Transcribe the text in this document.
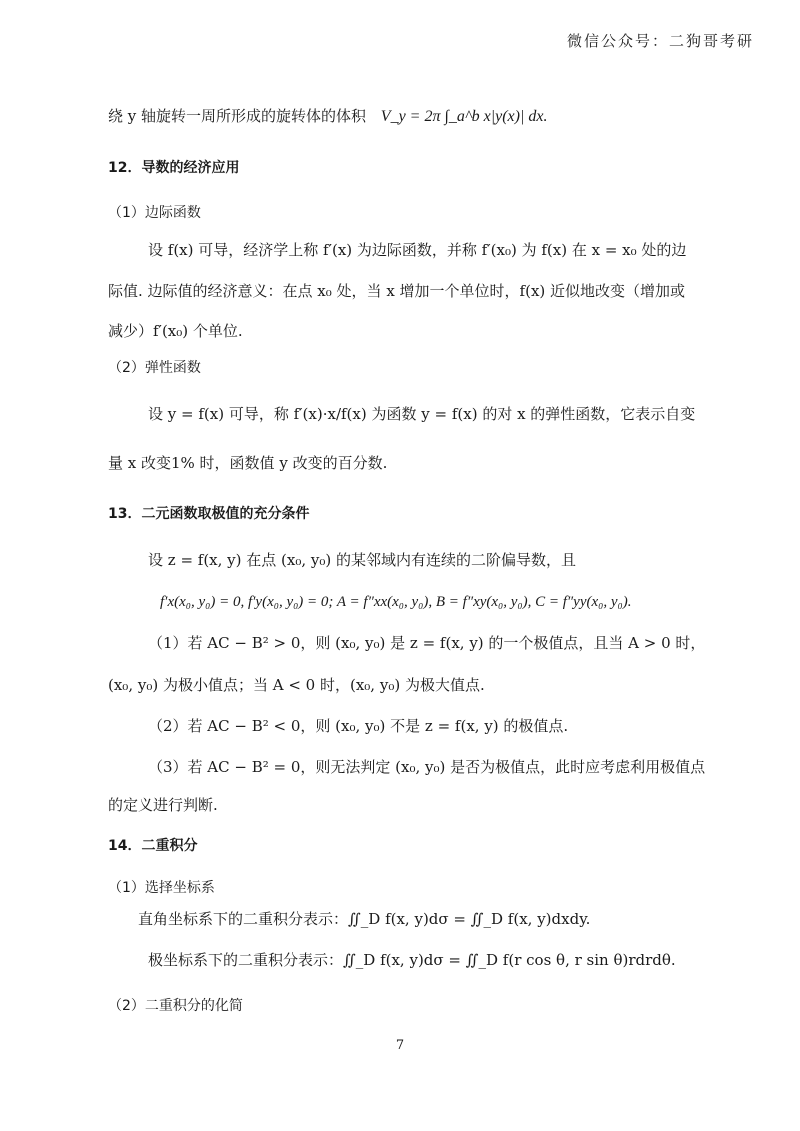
微信公众号：二狗哥考研
绕 y 轴旋转一周所形成的旋转体的体积 V_y = 2π ∫_a^b x|y(x)| dx.
12．导数的经济应用
（1）边际函数
设 f(x) 可导，经济学上称 f′(x) 为边际函数，并称 f′(x₀) 为 f(x) 在 x = x₀ 处的边
际值. 边际值的经济意义：在点 x₀ 处，当 x 增加一个单位时，f(x) 近似地改变（增加或
减少）f′(x₀) 个单位.
（2）弹性函数
设 y = f(x) 可导，称 f′(x)·x/f(x) 为函数 y = f(x) 的对 x 的弹性函数，它表示自变
量 x 改变1% 时，函数值 y 改变的百分数.
13．二元函数取极值的充分条件
设 z = f(x, y) 在点 (x₀, y₀) 的某邻域内有连续的二阶偏导数，且
f′x(x₀, y₀) = 0, f′y(x₀, y₀) = 0; A = f″xx(x₀, y₀), B = f″xy(x₀, y₀), C = f″yy(x₀, y₀).
（1）若 AC − B² > 0，则 (x₀, y₀) 是 z = f(x, y) 的一个极值点，且当 A > 0 时，
(x₀, y₀) 为极小值点；当 A < 0 时，(x₀, y₀) 为极大值点.
（2）若 AC − B² < 0，则 (x₀, y₀) 不是 z = f(x, y) 的极值点.
（3）若 AC − B² = 0，则无法判定 (x₀, y₀) 是否为极值点，此时应考虑利用极值点
的定义进行判断.
14．二重积分
（1）选择坐标系
直角坐标系下的二重积分表示：∬_D f(x, y)dσ = ∬_D f(x, y)dxdy.
极坐标系下的二重积分表示：∬_D f(x, y)dσ = ∬_D f(r cos θ, r sin θ)rdrdθ.
（2）二重积分的化简
7
